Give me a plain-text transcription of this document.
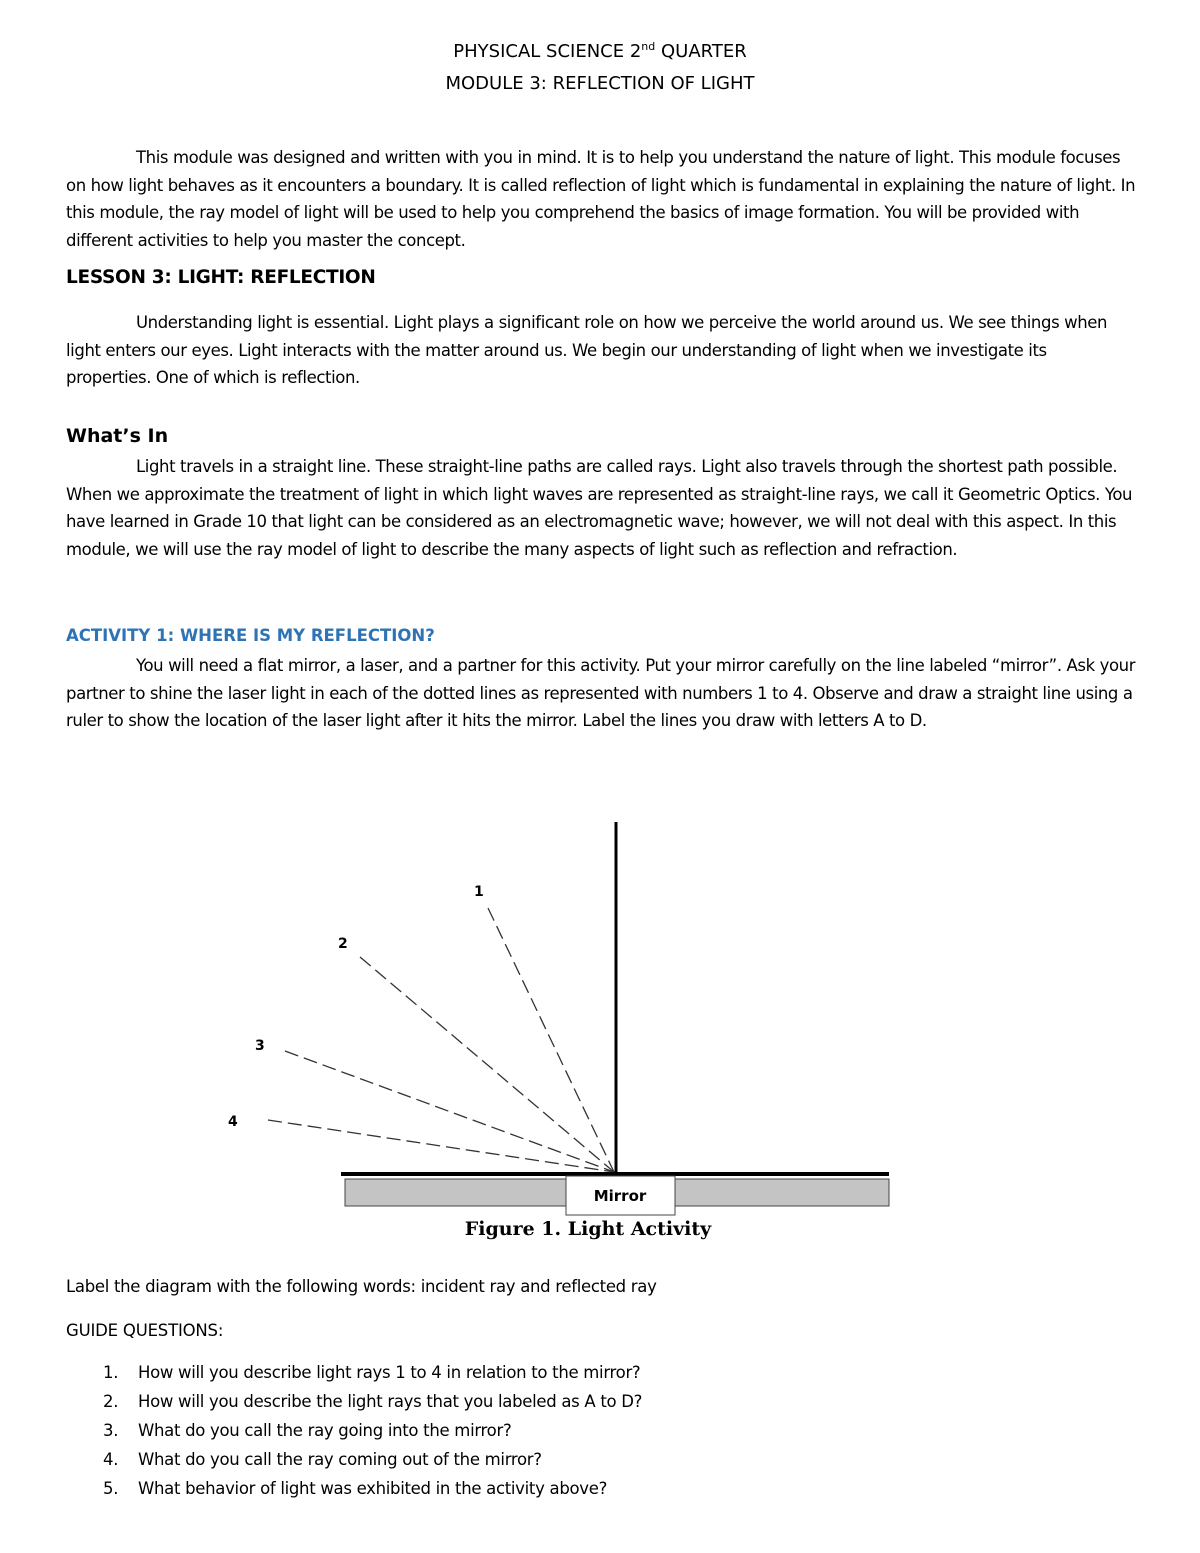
PHYSICAL SCIENCE 2nd QUARTER
MODULE 3: REFLECTION OF LIGHT

This module was designed and written with you in mind. It is to help you understand the nature of light. This module focuses on how light behaves as it encounters a boundary. It is called reflection of light which is fundamental in explaining the nature of light. In this module, the ray model of light will be used to help you comprehend the basics of image formation. You will be provided with different activities to help you master the concept.

LESSON 3: LIGHT: REFLECTION

Understanding light is essential. Light plays a significant role on how we perceive the world around us. We see things when light enters our eyes. Light interacts with the matter around us. We begin our understanding of light when we investigate its properties. One of which is reflection.

What’s In

Light travels in a straight line. These straight-line paths are called rays. Light also travels through the shortest path possible. When we approximate the treatment of light in which light waves are represented as straight-line rays, we call it Geometric Optics. You have learned in Grade 10 that light can be considered as an electromagnetic wave; however, we will not deal with this aspect. In this module, we will use the ray model of light to describe the many aspects of light such as reflection and refraction.

ACTIVITY 1: WHERE IS MY REFLECTION?

You will need a flat mirror, a laser, and a partner for this activity. Put your mirror carefully on the line labeled “mirror”. Ask your partner to shine the laser light in each of the dotted lines as represented with numbers 1 to 4. Observe and draw a straight line using a ruler to show the location of the laser light after it hits the mirror. Label the lines you draw with letters A to D.

1
2
3
4
Mirror
Figure 1. Light Activity

Label the diagram with the following words: incident ray and reflected ray

GUIDE QUESTIONS:

1. How will you describe light rays 1 to 4 in relation to the mirror?
2. How will you describe the light rays that you labeled as A to D?
3. What do you call the ray going into the mirror?
4. What do you call the ray coming out of the mirror?
5. What behavior of light was exhibited in the activity above?
